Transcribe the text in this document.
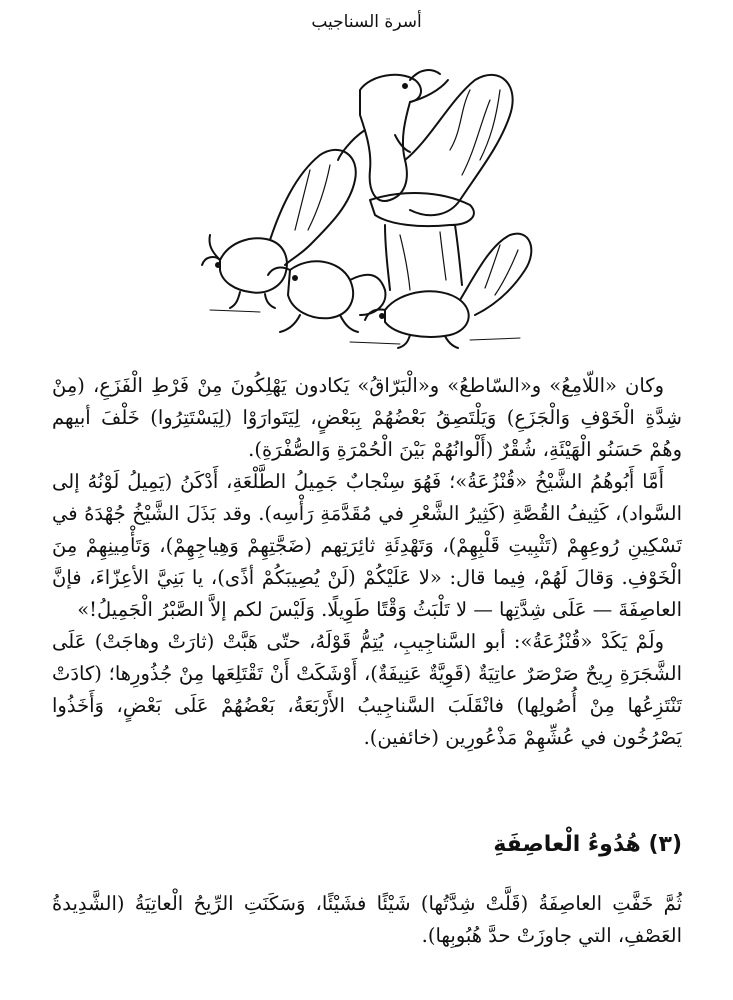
أسرة السناجيب

وكان «اللّامِعُ» و«السّاطعُ» و«الْبَرّاقُ» يَكادون يَهْلِكُونَ مِنْ فَرْطِ الْفَزَعِ، (مِنْ شِدَّةِ الْخَوْفِ وَالْجَزَعِ) وَيَلْتَصِقُ بَعْضُهُمْ بِبَعْضٍ، لِيَتَوارَوْا (لِيَسْتَتِرُوا) خَلْفَ أبيهم وهُمْ حَسَنُو الْهَيْئَةِ، شُقْرٌ (أَلْوانُهُمْ بَيْنَ الْحُمْرَةِ وَالصُّفْرَةِ).

أَمَّا أَبُوهُمُ الشَّيْخُ «قُنْزُعَةُ»؛ فَهُوَ سِنْجابٌ جَمِيلُ الطَّلْعَةِ، أَدْكَنُ (يَمِيلُ لَوْنُهُ إلى السَّواد)، كَثِيفُ القُصَّةِ (كَثِيرُ الشَّعْرِ في مُقَدَّمَةِ رَأْسِه). وقد بَذَلَ الشَّيْخُ جُهْدَهُ في تَسْكِينِ رُوعِهِمْ (تَثْبِيتِ قَلْبِهِمْ)، وَتَهْدِئَةِ ثائِرَتِهم (ضَجَّتِهِمْ وَهِياجِهِمْ)، وَتَأْمِينِهِمْ مِنَ الْخَوْفِ. وَقالَ لَهُمْ، فِيما قال: «لا عَلَيْكُمْ (لَنْ يُصِيبَكُمْ أذًى)، يا بَنِيَّ الأعِزّاءَ، فإنَّ العاصِفَةَ — عَلَى شِدَّتِها — لا تَلْبَثُ وَقْتًا طَوِيلًا. وَلَيْسَ لكم إلاَّ الصَّبْرُ الْجَمِيلُ!»

ولَمْ يَكَدْ «قُنْزُعَةُ»: أبو السَّناجِيبِ، يُتِمُّ قَوْلَهُ، حتّى هَبَّتْ (ثارَتْ وهاجَتْ) عَلَى الشَّجَرَةِ رِيحٌ صَرْصَرٌ عاتِيَةٌ (قَوِيَّةٌ عَنِيفَةٌ)، أَوْشَكَتْ أَنْ تَقْتَلِعَها مِنْ جُذُورِها؛ (كادَتْ تَنْتَزِعُها مِنْ أُصُولِها) فانْقَلَبَ السَّناجِيبُ الأَرْبَعَةُ، بَعْضُهُمْ عَلَى بَعْضٍ، وَأَخَذُوا يَصْرُخُون في عُشِّهِمْ مَذْعُورِين (خائفين).

(٣) هُدُوءُ الْعاصِفَةِ

ثُمَّ خَفَّتِ العاصِفَةُ (قَلَّتْ شِدَّتُها) شَيْئًا فشَيْئًا، وَسَكَنَتِ الرِّيحُ الْعاتِيَةُ (الشَّدِيدةُ العَصْفِ، التي جاوزَتْ حدَّ هُبُوبِها).
